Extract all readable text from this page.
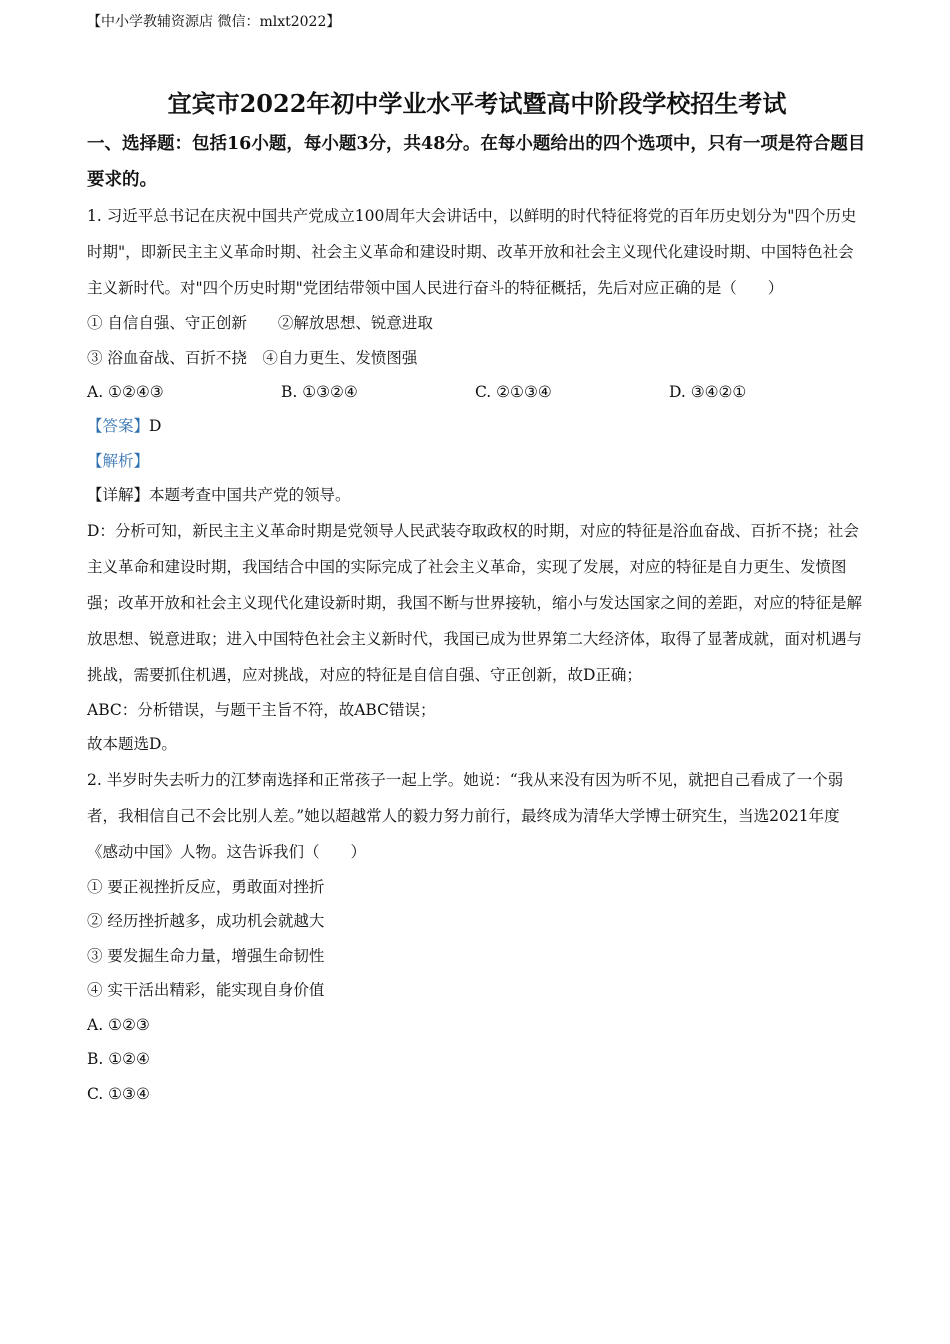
【中小学教辅资源店 微信：mlxt2022】
宜宾市2022年初中学业水平考试暨高中阶段学校招生考试
一、选择题：包括16小题，每小题3分，共48分。在每小题给出的四个选项中，只有一项是符合题目要求的。
1. 习近平总书记在庆祝中国共产党成立100周年大会讲话中，以鲜明的时代特征将党的百年历史划分为"四个历史时期"，即新民主主义革命时期、社会主义革命和建设时期、改革开放和社会主义现代化建设时期、中国特色社会主义新时代。对"四个历史时期"党团结带领中国人民进行奋斗的特征概括，先后对应正确的是（　　）
① 自信自强、守正创新　　②解放思想、锐意进取
③ 浴血奋战、百折不挠　④自力更生、发愤图强
A. ①②④③	B. ①③②④	C. ②①③④	D. ③④②①
【答案】D
【解析】
【详解】本题考查中国共产党的领导。
D：分析可知，新民主主义革命时期是党领导人民武装夺取政权的时期，对应的特征是浴血奋战、百折不挠；社会主义革命和建设时期，我国结合中国的实际完成了社会主义革命，实现了发展，对应的特征是自力更生、发愤图强；改革开放和社会主义现代化建设新时期，我国不断与世界接轨，缩小与发达国家之间的差距，对应的特征是解放思想、锐意进取；进入中国特色社会主义新时代，我国已成为世界第二大经济体，取得了显著成就，面对机遇与挑战，需要抓住机遇，应对挑战，对应的特征是自信自强、守正创新，故D正确；
ABC：分析错误，与题干主旨不符，故ABC错误；
故本题选D。
2. 半岁时失去听力的江梦南选择和正常孩子一起上学。她说：“我从来没有因为听不见，就把自己看成了一个弱者，我相信自己不会比别人差。”她以超越常人的毅力努力前行，最终成为清华大学博士研究生，当选2021年度《感动中国》人物。这告诉我们（　　）
① 要正视挫折反应，勇敢面对挫折
② 经历挫折越多，成功机会就越大
③ 要发掘生命力量，增强生命韧性
④ 实干活出精彩，能实现自身价值
A. ①②③
B. ①②④
C. ①③④
